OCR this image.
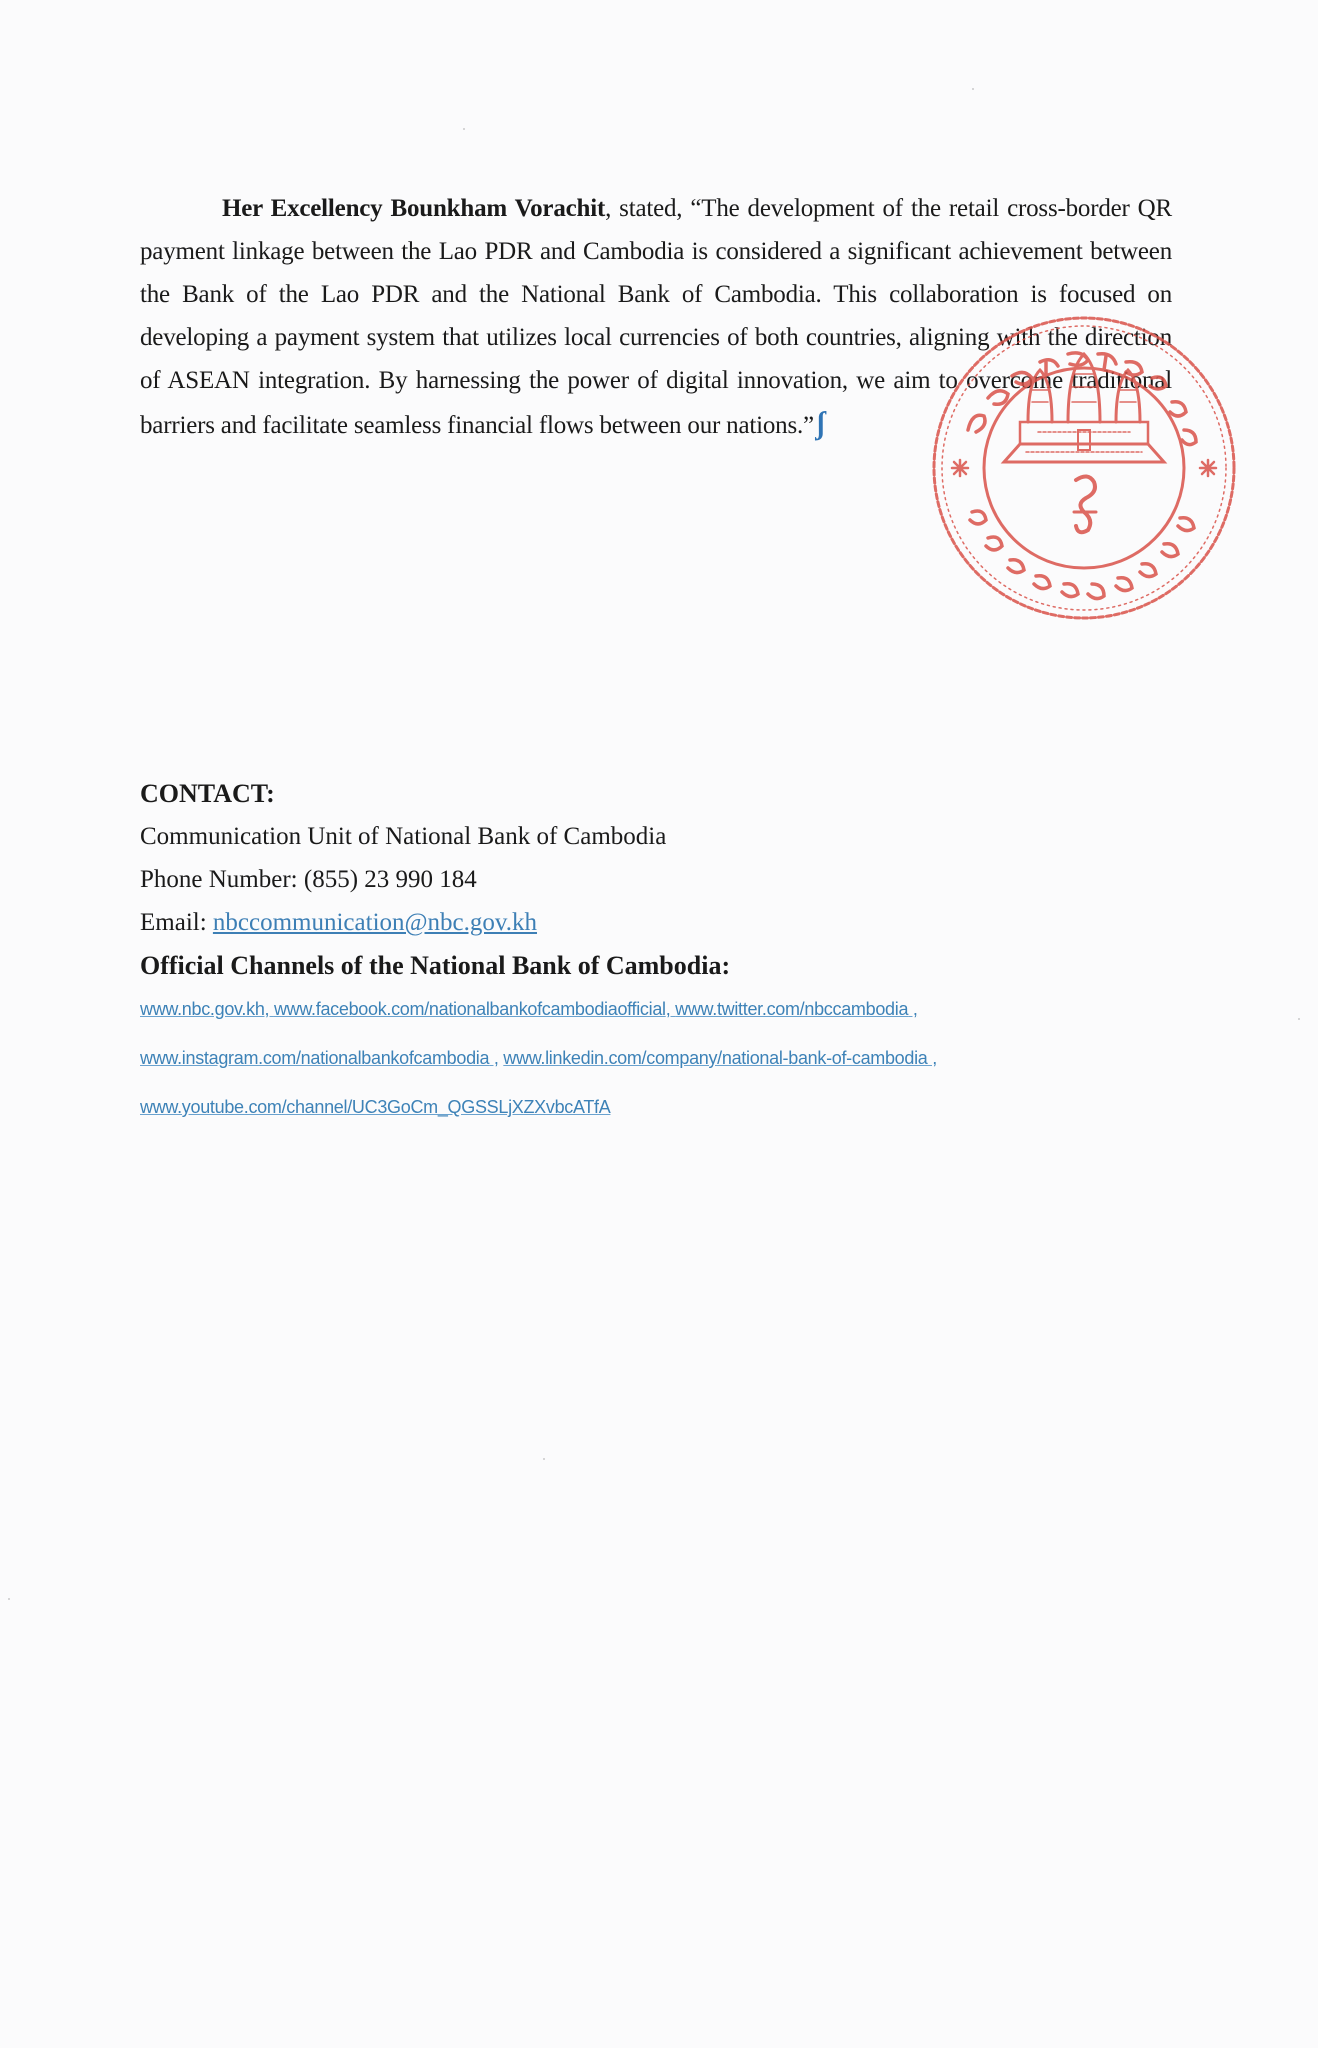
Her Excellency Bounkham Vorachit, stated, “The development of the retail cross-border QR payment linkage between the Lao PDR and Cambodia is considered a significant achievement between the Bank of the Lao PDR and the National Bank of Cambodia. This collaboration is focused on developing a payment system that utilizes local currencies of both countries, aligning with the direction of ASEAN integration. By harnessing the power of digital innovation, we aim to overcome traditional barriers and facilitate seamless financial flows between our nations.”ʃ

CONTACT:
Communication Unit of National Bank of Cambodia
Phone Number: (855) 23 990 184
Email: nbccommunication@nbc.gov.kh
Official Channels of the National Bank of Cambodia:
www.nbc.gov.kh, www.facebook.com/nationalbankofcambodiaofficial, www.twitter.com/nbccambodia ,
www.instagram.com/nationalbankofcambodia , www.linkedin.com/company/national-bank-of-cambodia ,
www.youtube.com/channel/UC3GoCm_QGSSLjXZXvbcATfA
